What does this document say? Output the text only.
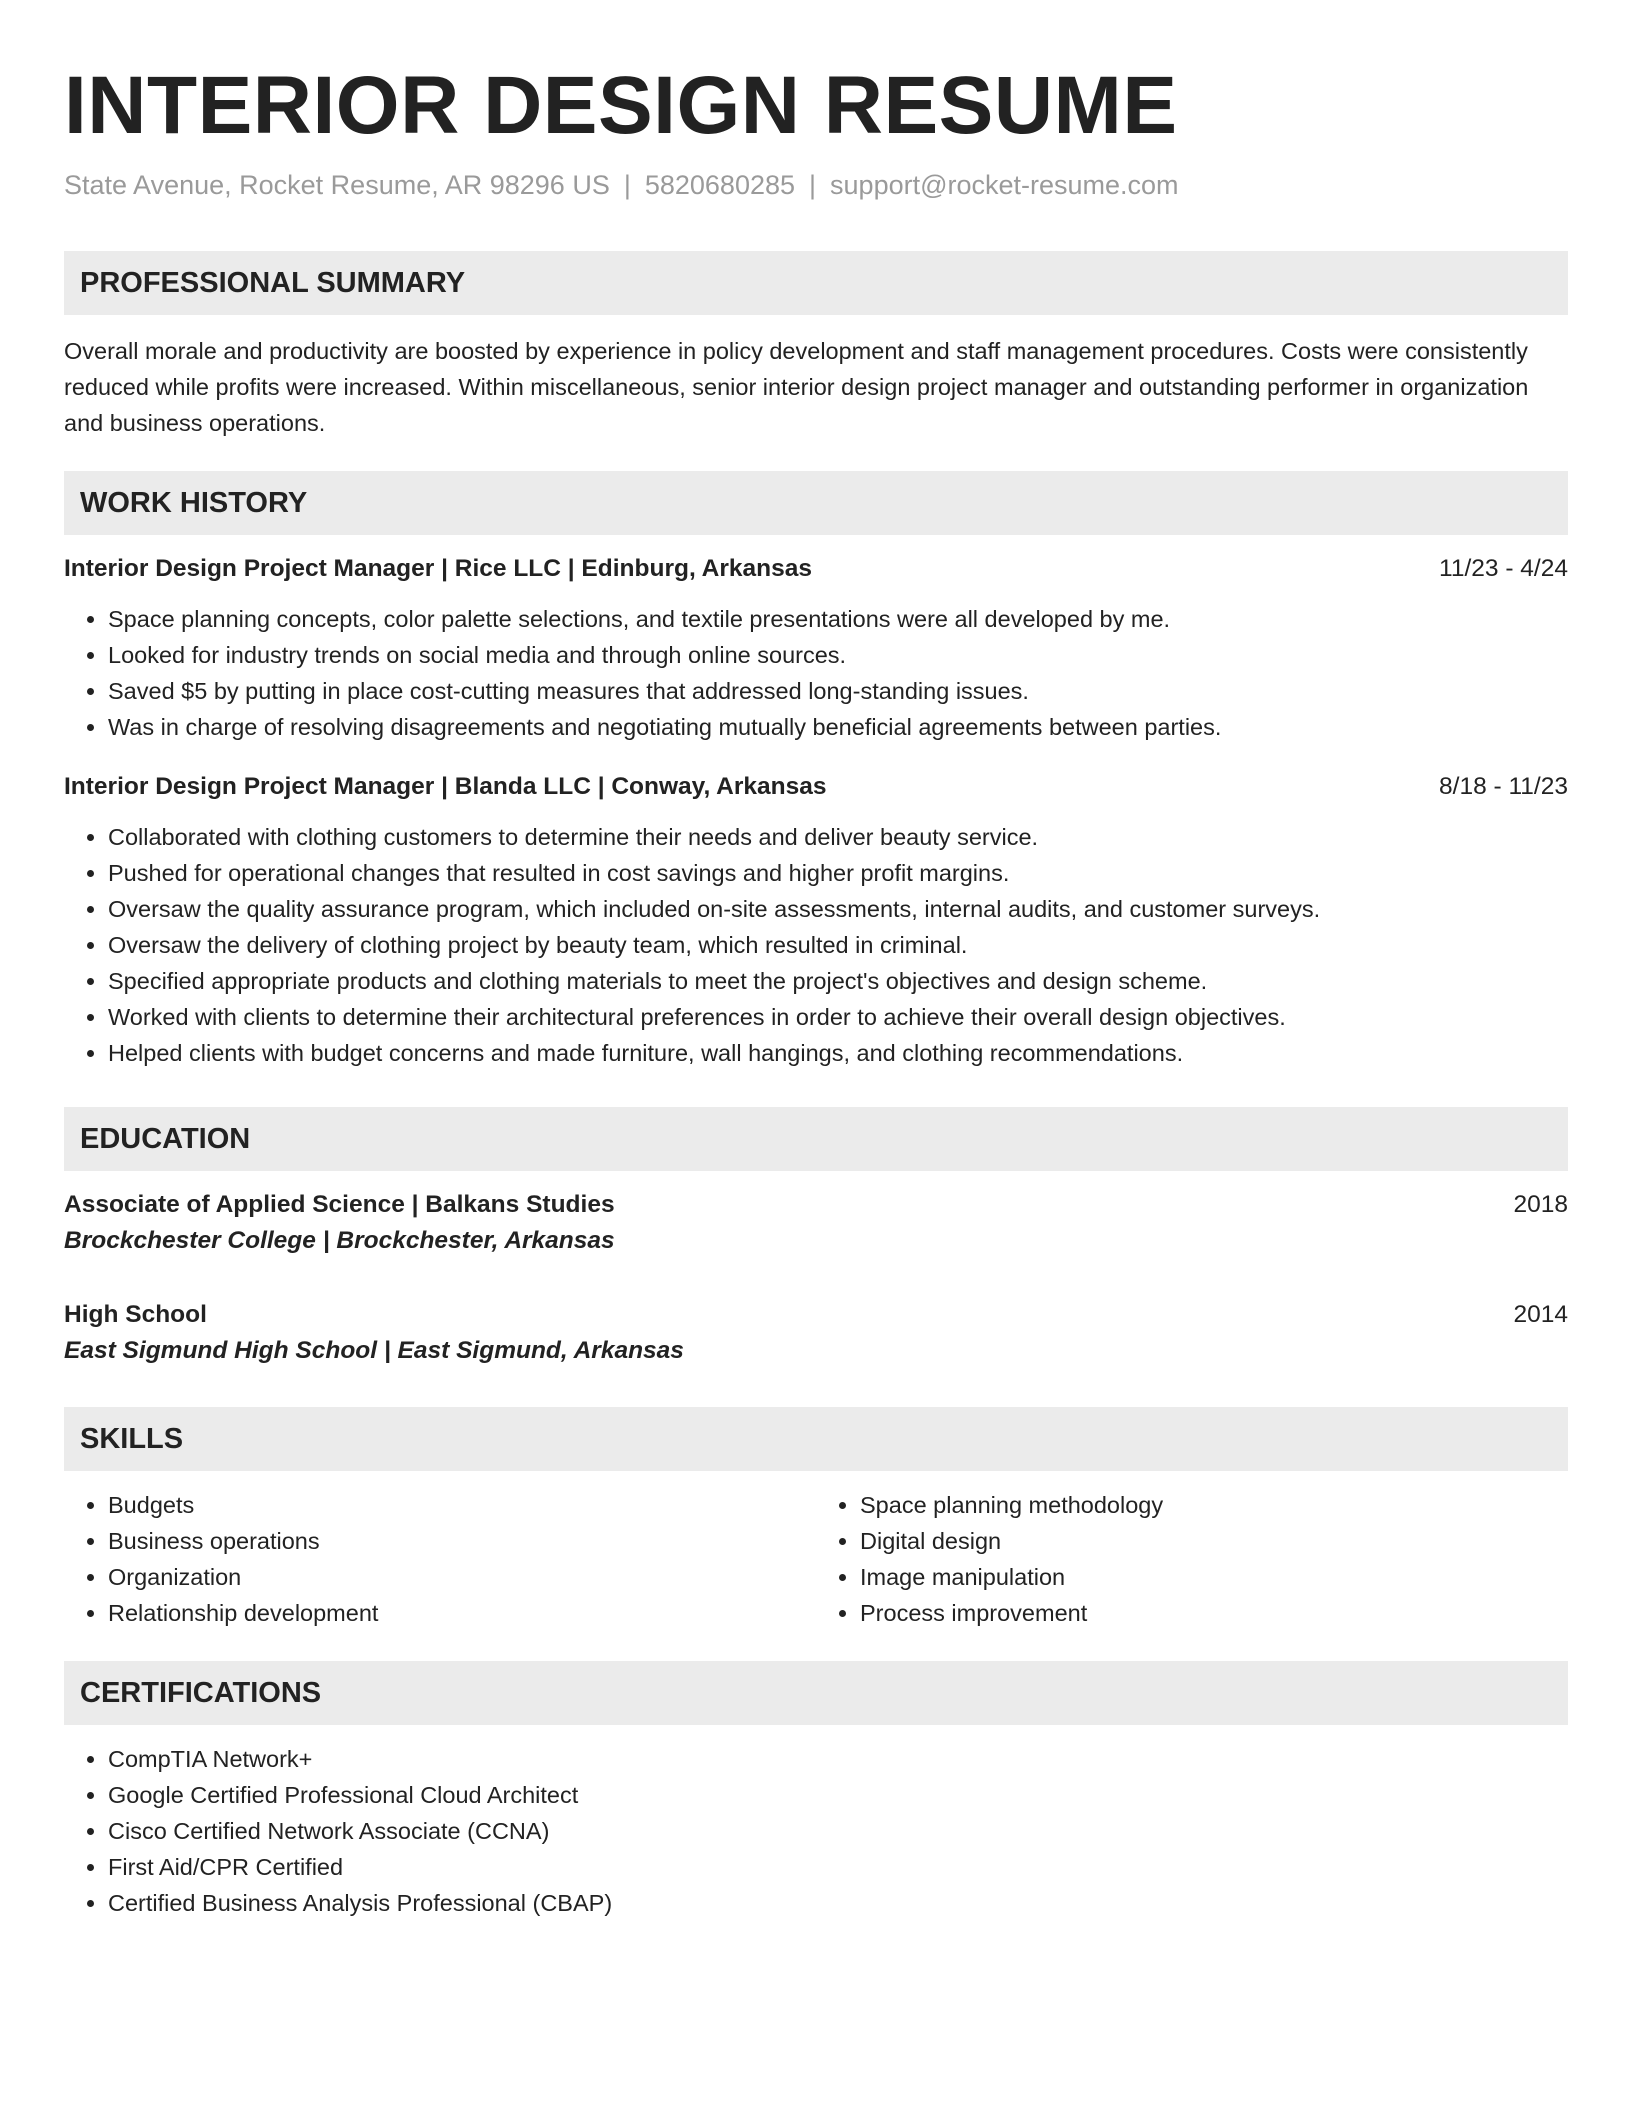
INTERIOR DESIGN RESUME
State Avenue, Rocket Resume, AR 98296 US | 5820680285 | support@rocket-resume.com
PROFESSIONAL SUMMARY
Overall morale and productivity are boosted by experience in policy development and staff management procedures. Costs were consistently reduced while profits were increased. Within miscellaneous, senior interior design project manager and outstanding performer in organization and business operations.
WORK HISTORY
Interior Design Project Manager | Rice LLC | Edinburg, Arkansas	11/23 - 4/24
• Space planning concepts, color palette selections, and textile presentations were all developed by me.
• Looked for industry trends on social media and through online sources.
• Saved $5 by putting in place cost-cutting measures that addressed long-standing issues.
• Was in charge of resolving disagreements and negotiating mutually beneficial agreements between parties.
Interior Design Project Manager | Blanda LLC | Conway, Arkansas	8/18 - 11/23
• Collaborated with clothing customers to determine their needs and deliver beauty service.
• Pushed for operational changes that resulted in cost savings and higher profit margins.
• Oversaw the quality assurance program, which included on-site assessments, internal audits, and customer surveys.
• Oversaw the delivery of clothing project by beauty team, which resulted in criminal.
• Specified appropriate products and clothing materials to meet the project's objectives and design scheme.
• Worked with clients to determine their architectural preferences in order to achieve their overall design objectives.
• Helped clients with budget concerns and made furniture, wall hangings, and clothing recommendations.
EDUCATION
Associate of Applied Science | Balkans Studies	2018
Brockchester College | Brockchester, Arkansas
High School	2014
East Sigmund High School | East Sigmund, Arkansas
SKILLS
• Budgets
• Business operations
• Organization
• Relationship development
• Space planning methodology
• Digital design
• Image manipulation
• Process improvement
CERTIFICATIONS
• CompTIA Network+
• Google Certified Professional Cloud Architect
• Cisco Certified Network Associate (CCNA)
• First Aid/CPR Certified
• Certified Business Analysis Professional (CBAP)
